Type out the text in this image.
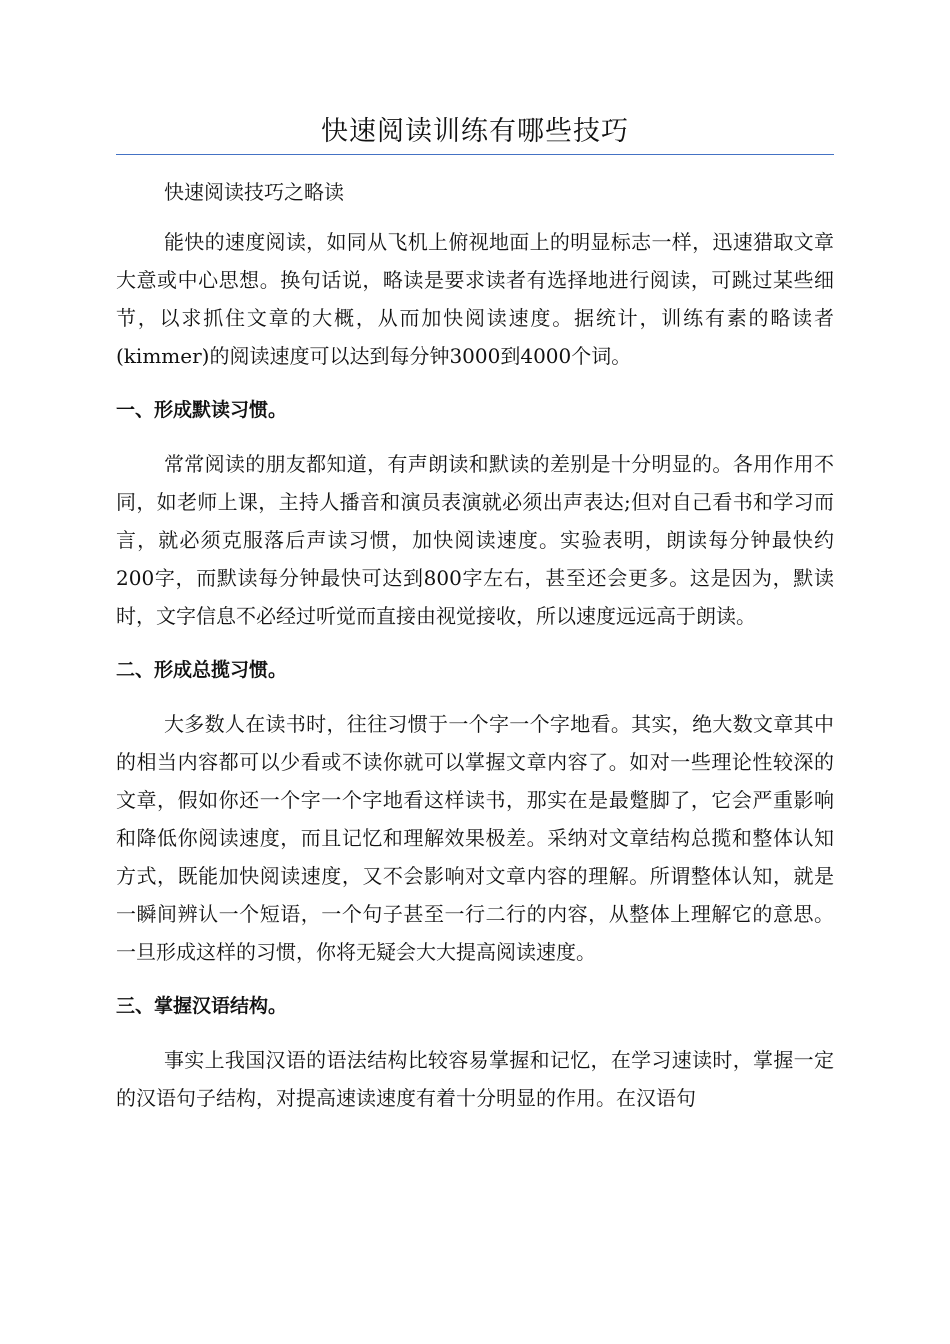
快速阅读训练有哪些技巧

快速阅读技巧之略读

能快的速度阅读，如同从飞机上俯视地面上的明显标志一样，迅速猎取文章大意或中心思想。换句话说，略读是要求读者有选择地进行阅读，可跳过某些细节，以求抓住文章的大概，从而加快阅读速度。据统计，训练有素的略读者(kimmer)的阅读速度可以达到每分钟3000到4000个词。

一、形成默读习惯。

常常阅读的朋友都知道，有声朗读和默读的差别是十分明显的。各用作用不同，如老师上课，主持人播音和演员表演就必须出声表达;但对自己看书和学习而言，就必须克服落后声读习惯，加快阅读速度。实验表明，朗读每分钟最快约200字，而默读每分钟最快可达到800字左右，甚至还会更多。这是因为，默读时，文字信息不必经过听觉而直接由视觉接收，所以速度远远高于朗读。

二、形成总揽习惯。

大多数人在读书时，往往习惯于一个字一个字地看。其实，绝大数文章其中的相当内容都可以少看或不读你就可以掌握文章内容了。如对一些理论性较深的文章，假如你还一个字一个字地看这样读书，那实在是最蹩脚了，它会严重影响和降低你阅读速度，而且记忆和理解效果极差。采纳对文章结构总揽和整体认知方式，既能加快阅读速度，又不会影响对文章内容的理解。所谓整体认知，就是一瞬间辨认一个短语，一个句子甚至一行二行的内容，从整体上理解它的意思。一旦形成这样的习惯，你将无疑会大大提高阅读速度。

三、掌握汉语结构。

事实上我国汉语的语法结构比较容易掌握和记忆，在学习速读时，掌握一定的汉语句子结构，对提高速读速度有着十分明显的作用。在汉语句
